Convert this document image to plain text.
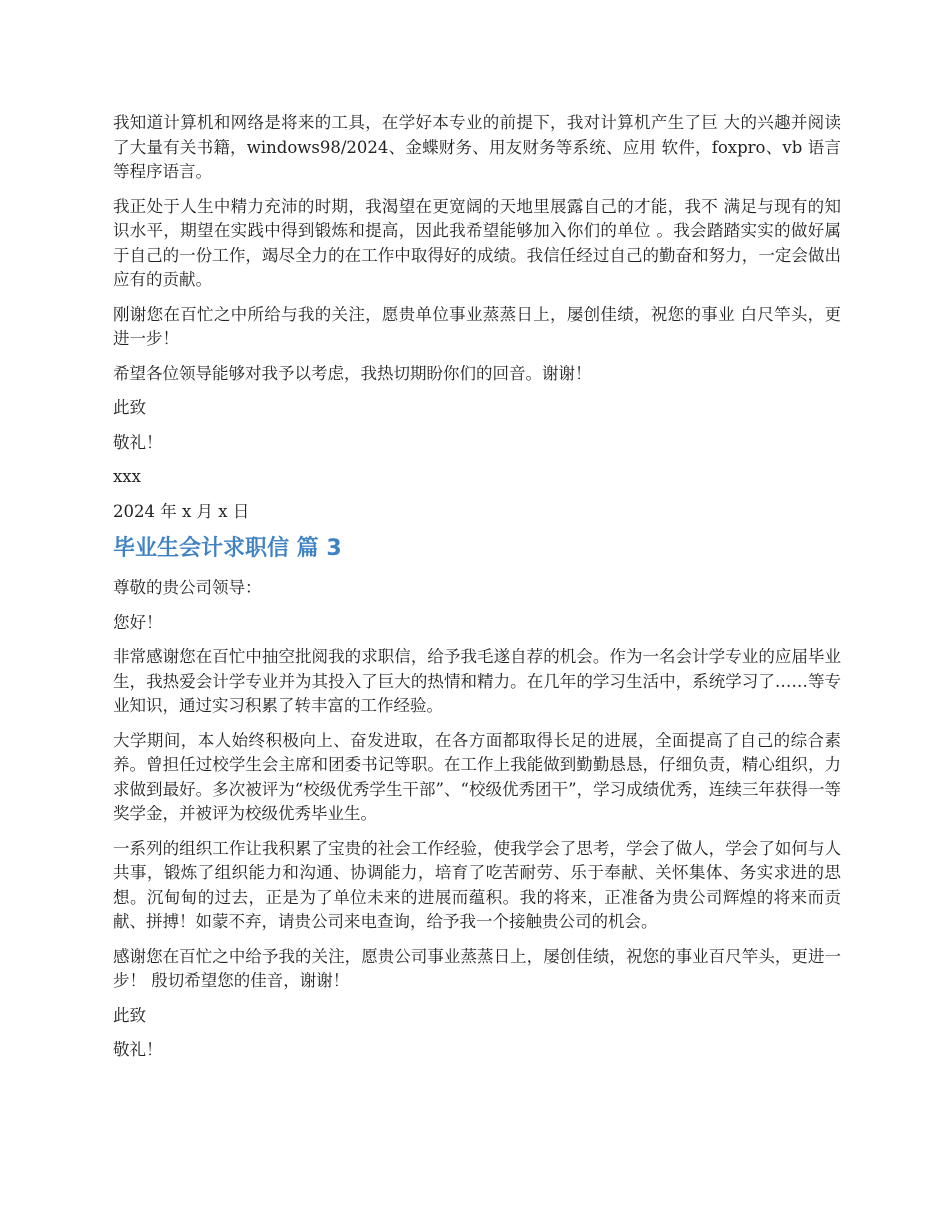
我知道计算机和网络是将来的工具，在学好本专业的前提下，我对计算机产生了巨 大的兴趣并阅读了大量有关书籍，windows98/2024、金蝶财务、用友财务等系统、应用 软件，foxpro、vb 语言等程序语言。

我正处于人生中精力充沛的时期，我渴望在更宽阔的天地里展露自己的才能，我不 满足与现有的知识水平，期望在实践中得到锻炼和提高，因此我希望能够加入你们的单位 。我会踏踏实实的做好属于自己的一份工作，竭尽全力的在工作中取得好的成绩。我信任经过自己的勤奋和努力，一定会做出应有的贡献。

刚谢您在百忙之中所给与我的关注，愿贵单位事业蒸蒸日上，屡创佳绩，祝您的事业 白尺竿头，更进一步！

希望各位领导能够对我予以考虑，我热切期盼你们的回音。谢谢！

此致

敬礼！

xxx

2024 年 x 月 x 日

毕业生会计求职信 篇 3

尊敬的贵公司领导：

您好！

非常感谢您在百忙中抽空批阅我的求职信，给予我毛遂自荐的机会。作为一名会计学专业的应届毕业生，我热爱会计学专业并为其投入了巨大的热情和精力。在几年的学习生活中，系统学习了……等专业知识，通过实习积累了转丰富的工作经验。

大学期间，本人始终积极向上、奋发进取，在各方面都取得长足的进展，全面提高了自己的综合素养。曾担任过校学生会主席和团委书记等职。在工作上我能做到勤勤恳恳，仔细负责，精心组织，力求做到最好。多次被评为“校级优秀学生干部”、“校级优秀团干”，学习成绩优秀，连续三年获得一等奖学金，并被评为校级优秀毕业生。

一系列的组织工作让我积累了宝贵的社会工作经验，使我学会了思考，学会了做人，学会了如何与人共事，锻炼了组织能力和沟通、协调能力，培育了吃苦耐劳、乐于奉献、关怀集体、务实求进的思想。沉甸甸的过去，正是为了单位未来的进展而蕴积。我的将来，正准备为贵公司辉煌的将来而贡献、拼搏！如蒙不弃，请贵公司来电查询，给予我一个接触贵公司的机会。

感谢您在百忙之中给予我的关注，愿贵公司事业蒸蒸日上，屡创佳绩，祝您的事业百尺竿头，更进一步！ 殷切希望您的佳音，谢谢！

此致

敬礼！
